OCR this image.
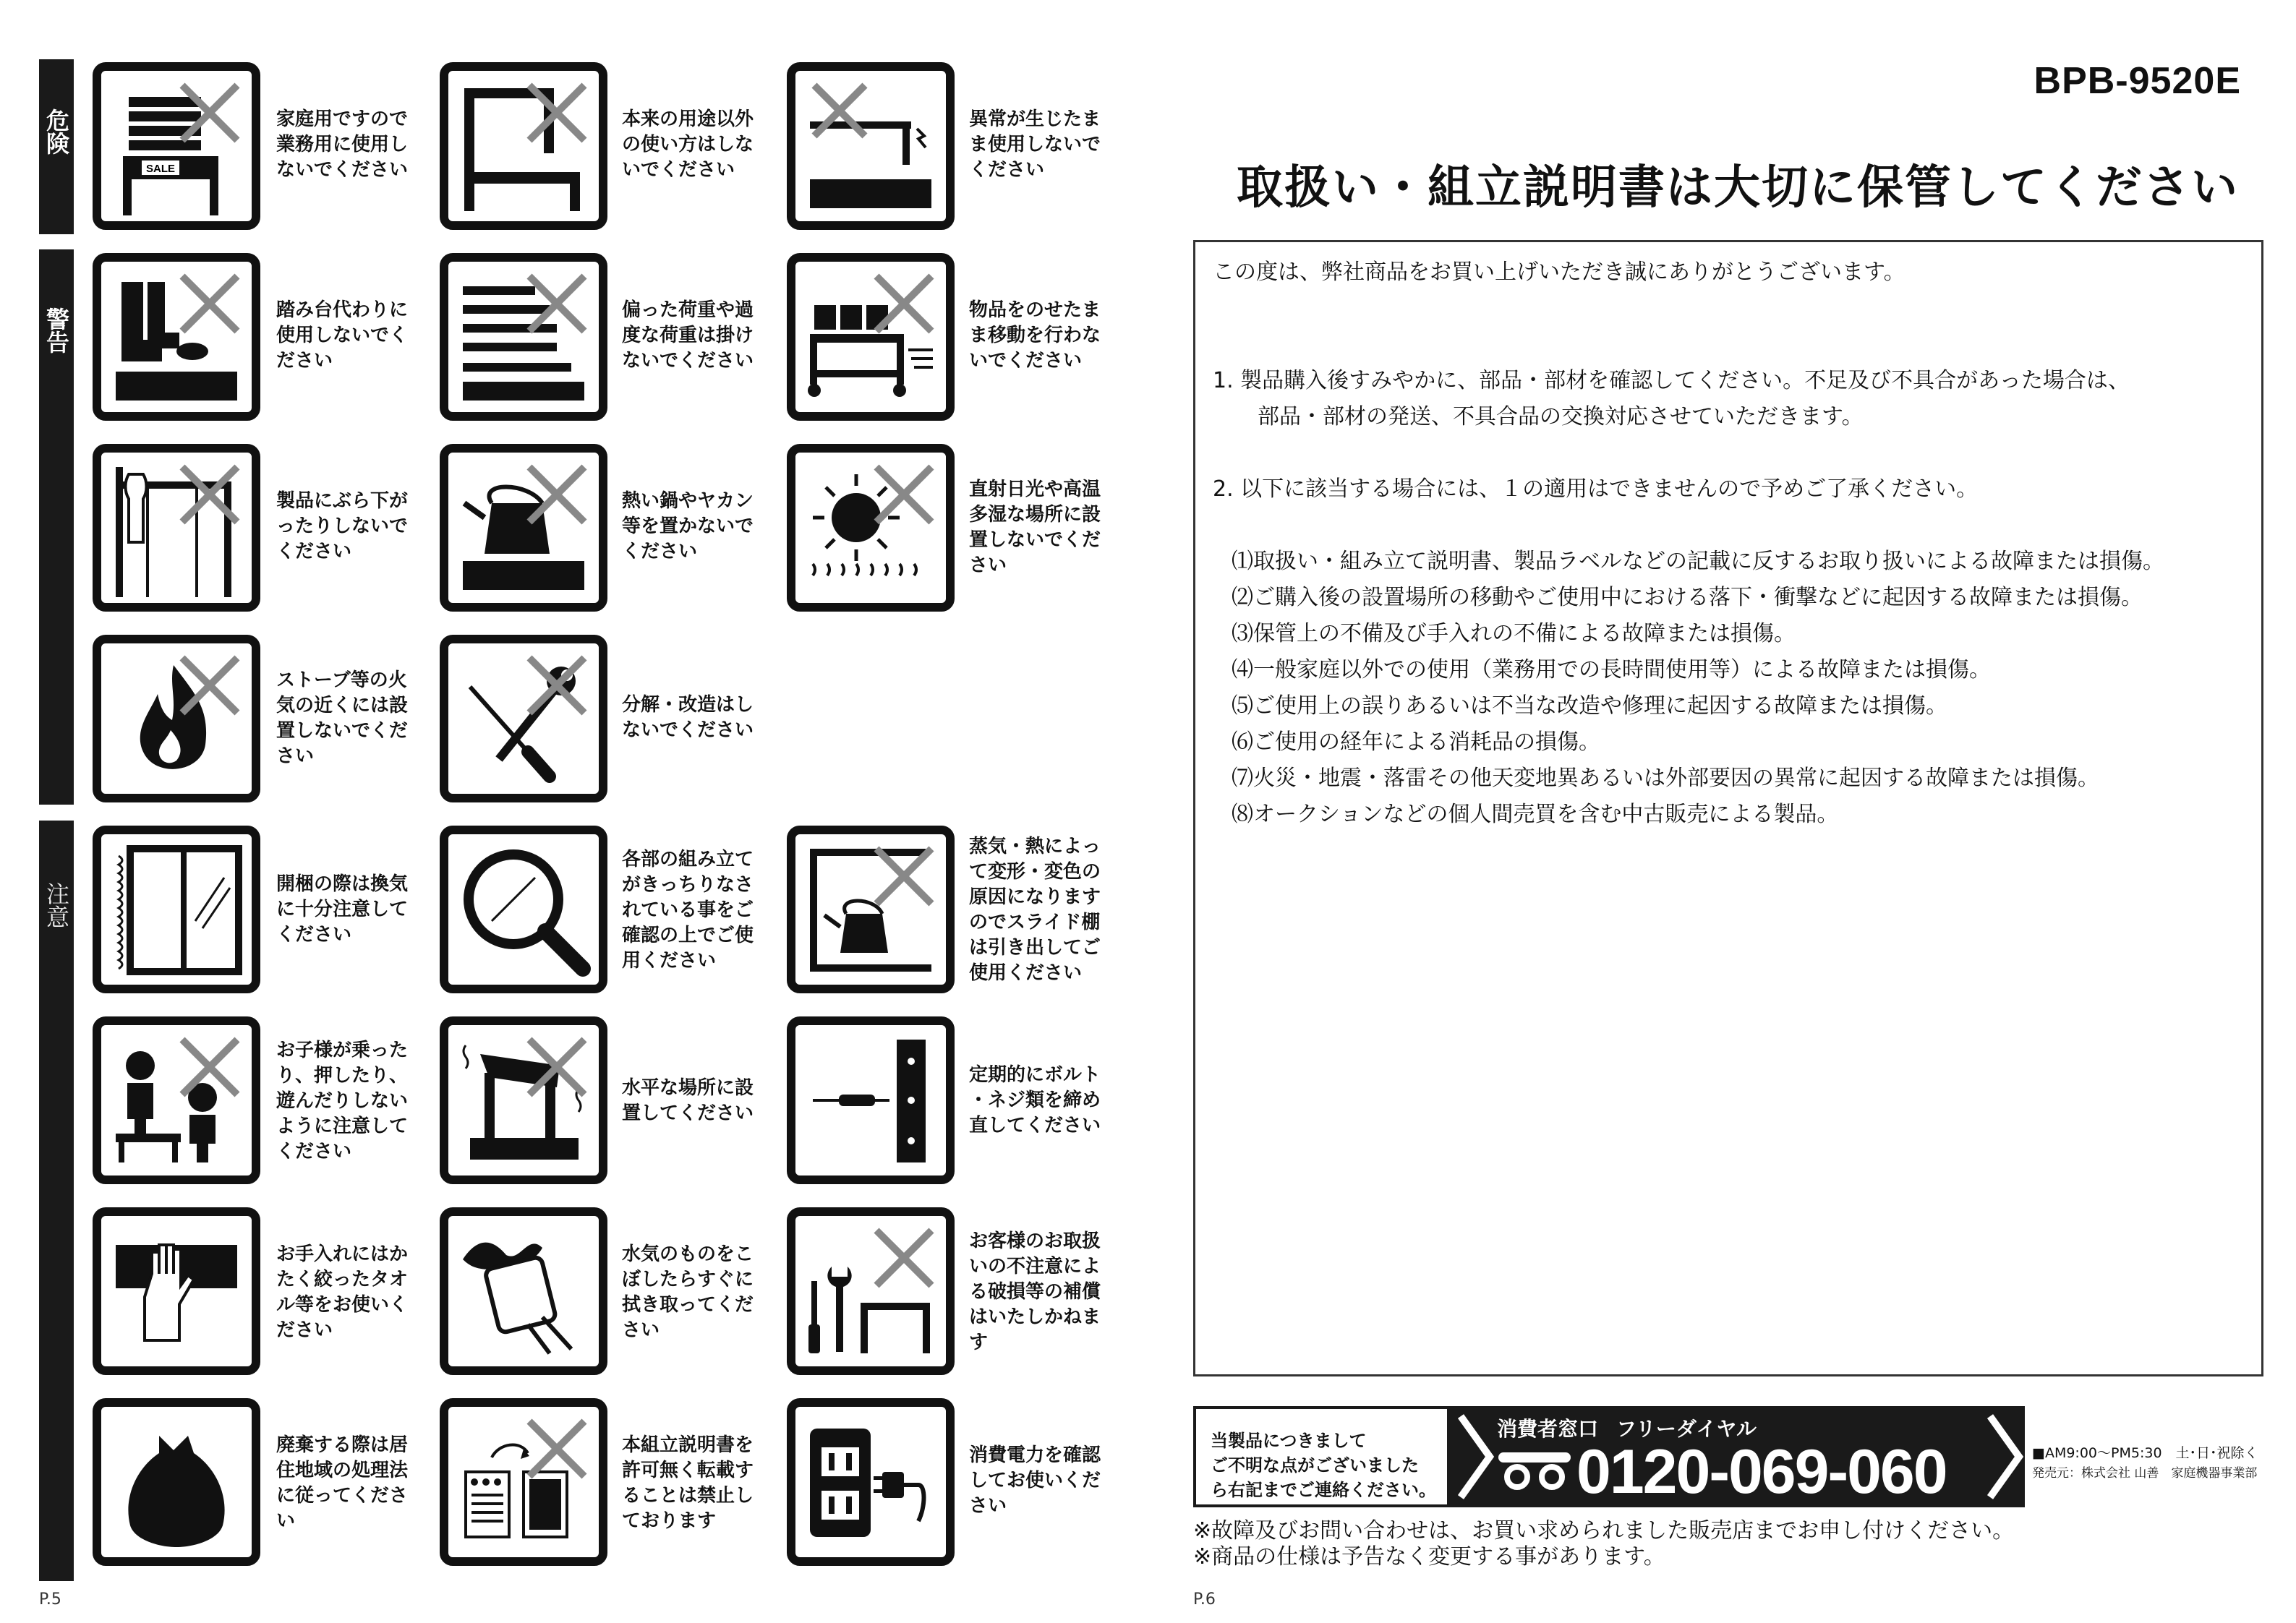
危険
警告
注意
SALE
家庭用ですので
業務用に使用し
ないでください
本来の用途以外
の使い方はしな
いでください
異常が生じたま
ま使用しないで
ください
踏み台代わりに
使用しないでく
ださい
偏った荷重や過
度な荷重は掛け
ないでください
物品をのせたま
ま移動を行わな
いでください
製品にぶら下が
ったりしないで
ください
熱い鍋やヤカン
等を置かないで
ください
直射日光や高温
多湿な場所に設
置しないでくだ
さい
ストーブ等の火
気の近くには設
置しないでくだ
さい
分解・改造はし
ないでください
開梱の際は換気
に十分注意して
ください
各部の組み立て
がきっちりなさ
れている事をご
確認の上でご使
用ください
蒸気・熱によっ
て変形・変色の
原因になります
のでスライド棚
は引き出してご
使用ください
お子様が乗った
り、押したり、
遊んだりしない
ように注意して
ください
水平な場所に設
置してください
定期的にボルト
・ネジ類を締め
直してください
お手入れにはか
たく絞ったタオ
ル等をお使いく
ださい
水気のものをこ
ぼしたらすぐに
拭き取ってくだ
さい
お客様のお取扱
いの不注意によ
る破損等の補償
はいたしかねま
す
廃棄する際は居
住地域の処理法
に従ってくださ
い
本組立説明書を
許可無く転載す
ることは禁止し
ております
消費電力を確認
してお使いくだ
さい
P.5
BPB-9520E
取扱い・組立説明書は大切に保管してください
この度は、弊社商品をお買い上げいただき誠にありがとうございます。
1. 製品購入後すみやかに、部品・部材を確認してください。不足及び不具合があった場合は、
部品・部材の発送、不具合品の交換対応させていただきます。
2. 以下に該当する場合には、１の適用はできませんので予めご了承ください。
⑴取扱い・組み立て説明書、製品ラベルなどの記載に反するお取り扱いによる故障または損傷。
⑵ご購入後の設置場所の移動やご使用中における落下・衝撃などに起因する故障または損傷。
⑶保管上の不備及び手入れの不備による故障または損傷。
⑷一般家庭以外での使用（業務用での長時間使用等）による故障または損傷。
⑸ご使用上の誤りあるいは不当な改造や修理に起因する故障または損傷。
⑹ご使用の経年による消耗品の損傷。
⑺火災・地震・落雷その他天変地異あるいは外部要因の異常に起因する故障または損傷。
⑻オークションなどの個人間売買を含む中古販売による製品。
当製品につきまして
ご不明な点がございました
ら右記までご連絡ください。
消費者窓口 フリーダイヤル
0120-069-060	■AM9:00～PM5:30　土･日･祝除く
発売元：株式会社 山善　家庭機器事業部
※故障及びお問い合わせは、お買い求められました販売店までお申し付けください。
※商品の仕様は予告なく変更する事があります。
P.6
